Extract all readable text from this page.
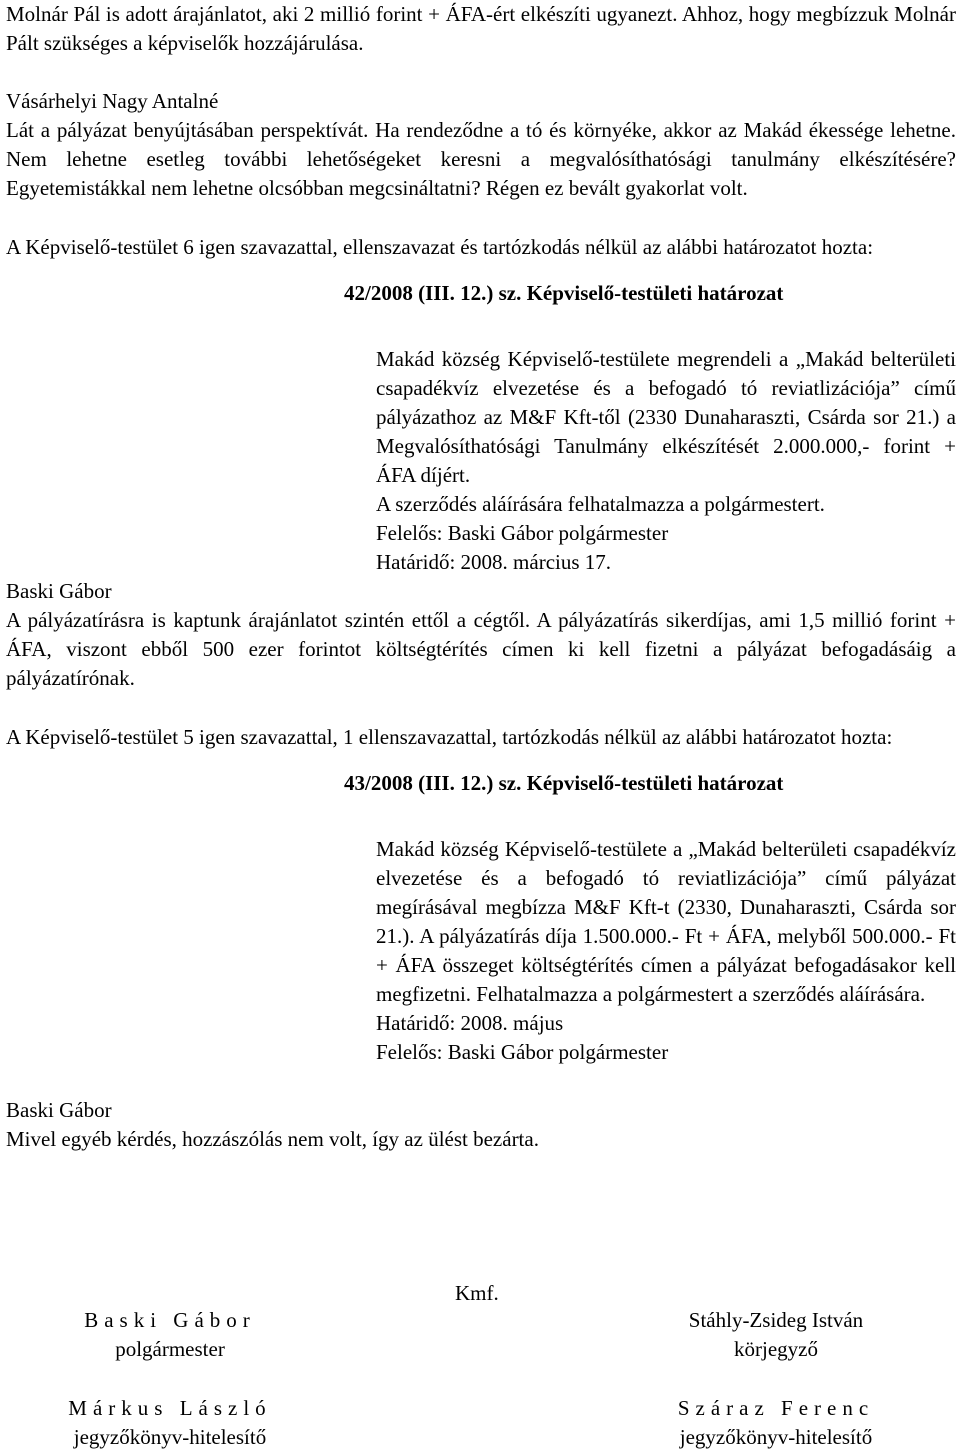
Molnár Pál is adott árajánlatot, aki 2 millió forint + ÁFA-ért elkészíti ugyanezt. Ahhoz, hogy megbízzuk Molnár Pált szükséges a képviselők hozzájárulása.

Vásárhelyi Nagy Antalné

Lát a pályázat benyújtásában perspektívát. Ha rendeződne a tó és környéke, akkor az Makád ékessége lehetne. Nem lehetne esetleg további lehetőségeket keresni a megvalósíthatósági tanulmány elkészítésére? Egyetemistákkal nem lehetne olcsóbban megcsináltatni? Régen ez bevált gyakorlat volt.

A Képviselő-testület 6 igen szavazattal, ellenszavazat és tartózkodás nélkül az alábbi határozatot hozta:

42/2008 (III. 12.) sz. Képviselő-testületi határozat

Makád község Képviselő-testülete megrendeli a „Makád belterületi csapadékvíz elvezetése és a befogadó tó reviatlizációja” című pályázathoz az M&F Kft-től (2330 Dunaharaszti, Csárda sor 21.) a Megvalósíthatósági Tanulmány elkészítését 2.000.000,- forint + ÁFA díjért.

A szerződés aláírására felhatalmazza a polgármestert.

Felelős: Baski Gábor polgármester

Határidő: 2008. március 17.

Baski Gábor

A pályázatírásra is kaptunk árajánlatot szintén ettől a cégtől. A pályázatírás sikerdíjas, ami 1,5 millió forint + ÁFA, viszont ebből 500 ezer forintot költségtérítés címen ki kell fizetni a pályázat befogadásáig a pályázatírónak.

A Képviselő-testület 5 igen szavazattal, 1 ellenszavazattal, tartózkodás nélkül az alábbi határozatot hozta:

43/2008 (III. 12.) sz. Képviselő-testületi határozat

Makád község Képviselő-testülete a „Makád belterületi csapadékvíz elvezetése és a befogadó tó reviatlizációja” című pályázat megírásával megbízza M&F Kft-t (2330, Dunaharaszti, Csárda sor 21.). A pályázatírás díja 1.500.000.- Ft + ÁFA, melyből 500.000.- Ft + ÁFA összeget költségtérítés címen a pályázat befogadásakor kell megfizetni. Felhatalmazza a polgármestert a szerződés aláírására.

Határidő: 2008. május

Felelős: Baski Gábor polgármester

Baski Gábor

Mivel egyéb kérdés, hozzászólás nem volt, így az ülést bezárta.

Kmf.
Baski Gábor
polgármester
Stáhly-Zsideg István
körjegyző
Márkus László
jegyzőkönyv-hitelesítő
Száraz Ferenc
jegyzőkönyv-hitelesítő
